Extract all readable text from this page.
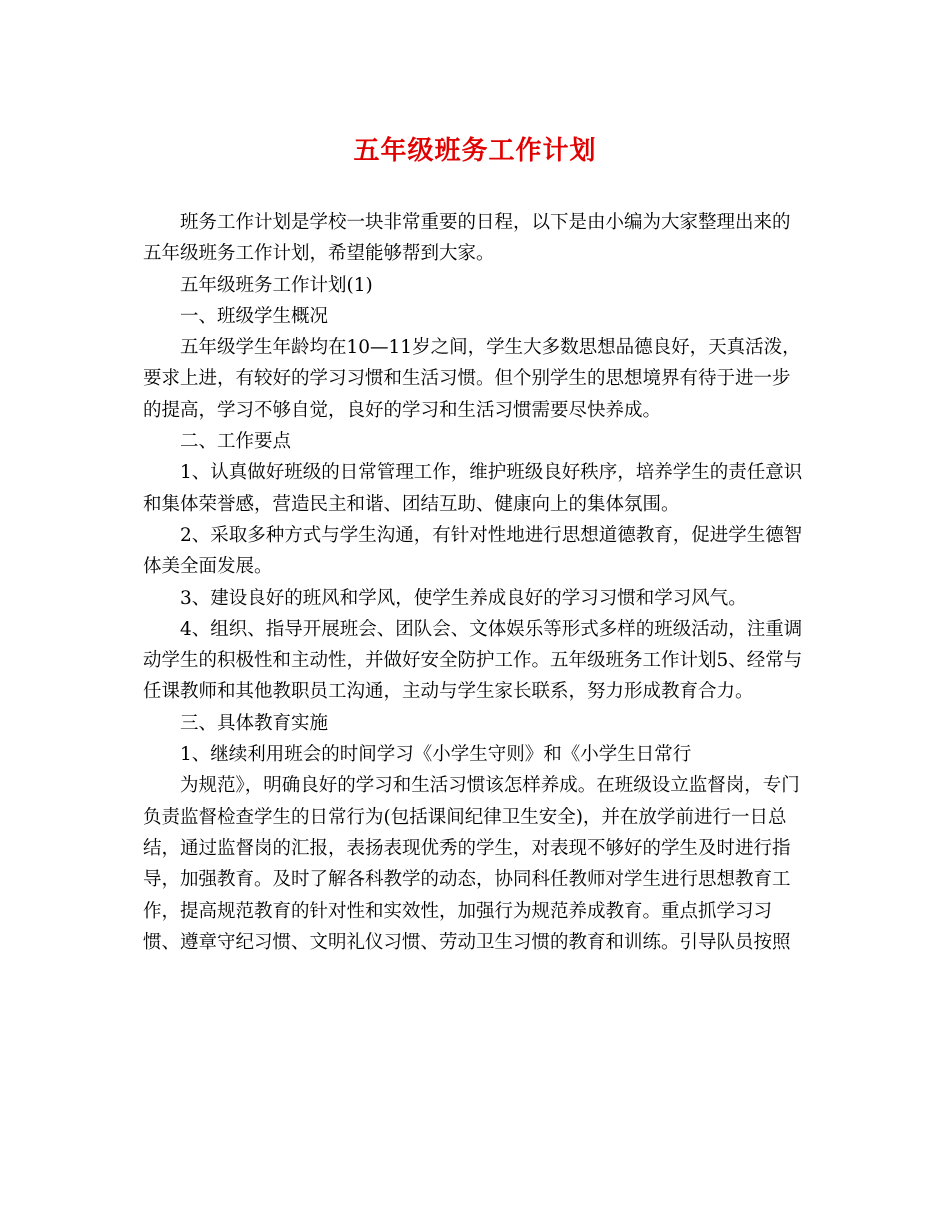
五年级班务工作计划

班务工作计划是学校一块非常重要的日程，以下是由小编为大家整理出来的五年级班务工作计划，希望能够帮到大家。

五年级班务工作计划(1)

一、班级学生概况

五年级学生年龄均在10—11岁之间，学生大多数思想品德良好，天真活泼，要求上进，有较好的学习习惯和生活习惯。但个别学生的思想境界有待于进一步的提高，学习不够自觉，良好的学习和生活习惯需要尽快养成。

二、工作要点

1、认真做好班级的日常管理工作，维护班级良好秩序，培养学生的责任意识和集体荣誉感，营造民主和谐、团结互助、健康向上的集体氛围。

2、采取多种方式与学生沟通，有针对性地进行思想道德教育，促进学生德智体美全面发展。

3、建设良好的班风和学风，使学生养成良好的学习习惯和学习风气。

4、组织、指导开展班会、团队会、文体娱乐等形式多样的班级活动，注重调动学生的积极性和主动性，并做好安全防护工作。五年级班务工作计划5、经常与任课教师和其他教职员工沟通，主动与学生家长联系，努力形成教育合力。

三、具体教育实施

1、继续利用班会的时间学习《小学生守则》和《小学生日常行

为规范》，明确良好的学习和生活习惯该怎样养成。在班级设立监督岗，专门负责监督检查学生的日常行为(包括课间纪律卫生安全)，并在放学前进行一日总结，通过监督岗的汇报，表扬表现优秀的学生，对表现不够好的学生及时进行指导，加强教育。及时了解各科教学的动态，协同科任教师对学生进行思想教育工作，提高规范教育的针对性和实效性，加强行为规范养成教育。重点抓学习习惯、遵章守纪习惯、文明礼仪习惯、劳动卫生习惯的教育和训练。引导队员按照
